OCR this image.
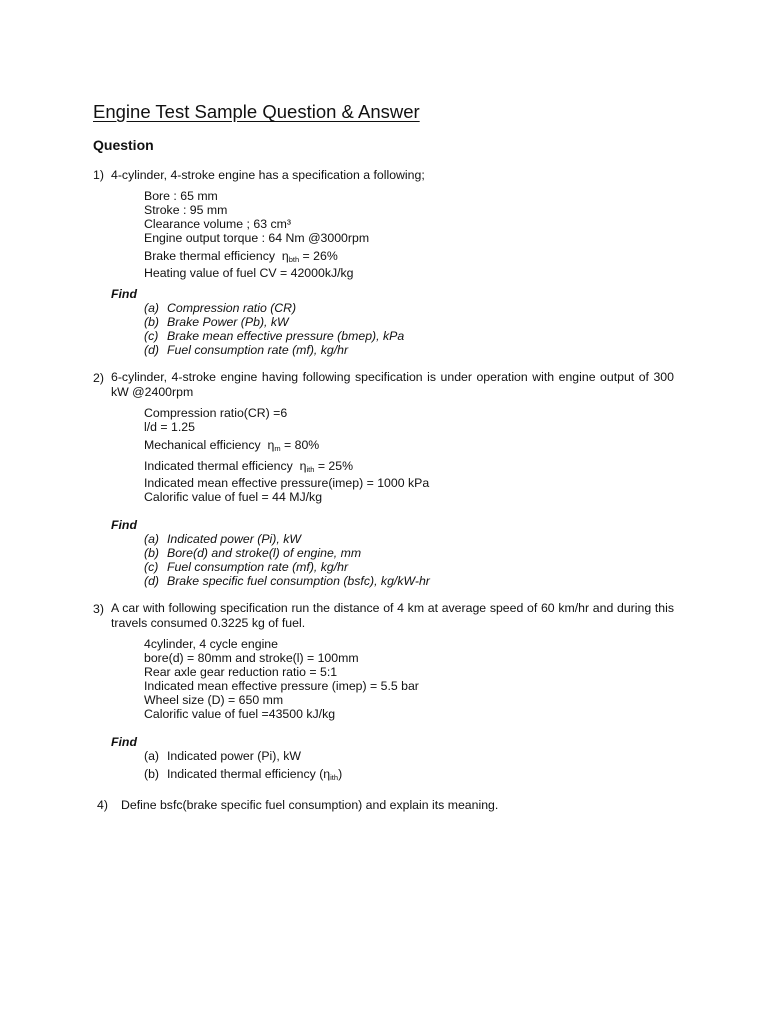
Engine Test Sample Question & Answer
Question
1) 4-cylinder, 4-stroke engine has a specification a following;
Bore : 65 mm
Stroke : 95 mm
Clearance volume ; 63 cm³
Engine output torque : 64 Nm @3000rpm
Brake thermal efficiency $\eta_{bth} = 26\%$
Heating value of fuel CV = 42000kJ/kg
Find
(a) Compression ratio (CR)
(b) Brake Power (Pb), kW
(c) Brake mean effective pressure (bmep), kPa
(d) Fuel consumption rate (mf), kg/hr
2) 6-cylinder, 4-stroke engine having following specification is under operation with engine output of 300 kW @2400rpm
Compression ratio(CR) =6
l/d = 1.25
Mechanical efficiency $\eta_m = 80\%$
Indicated thermal efficiency $\eta_{ith} = 25\%$
Indicated mean effective pressure(imep) = 1000 kPa
Calorific value of fuel = 44 MJ/kg
Find
(a) Indicated power (Pi), kW
(b) Bore(d) and stroke(l) of engine, mm
(c) Fuel consumption rate (mf), kg/hr
(d) Brake specific fuel consumption (bsfc), kg/kW-hr
3) A car with following specification run the distance of 4 km at average speed of 60 km/hr and during this travels consumed 0.3225 kg of fuel.
4cylinder, 4 cycle engine
bore(d) = 80mm and stroke(l) = 100mm
Rear axle gear reduction ratio = 5:1
Indicated mean effective pressure (imep) = 5.5 bar
Wheel size (D) = 650 mm
Calorific value of fuel =43500 kJ/kg
Find
(a) Indicated power (Pi), kW
(b) Indicated thermal efficiency $(\eta_{ith})$
4) Define bsfc(brake specific fuel consumption) and explain its meaning.
